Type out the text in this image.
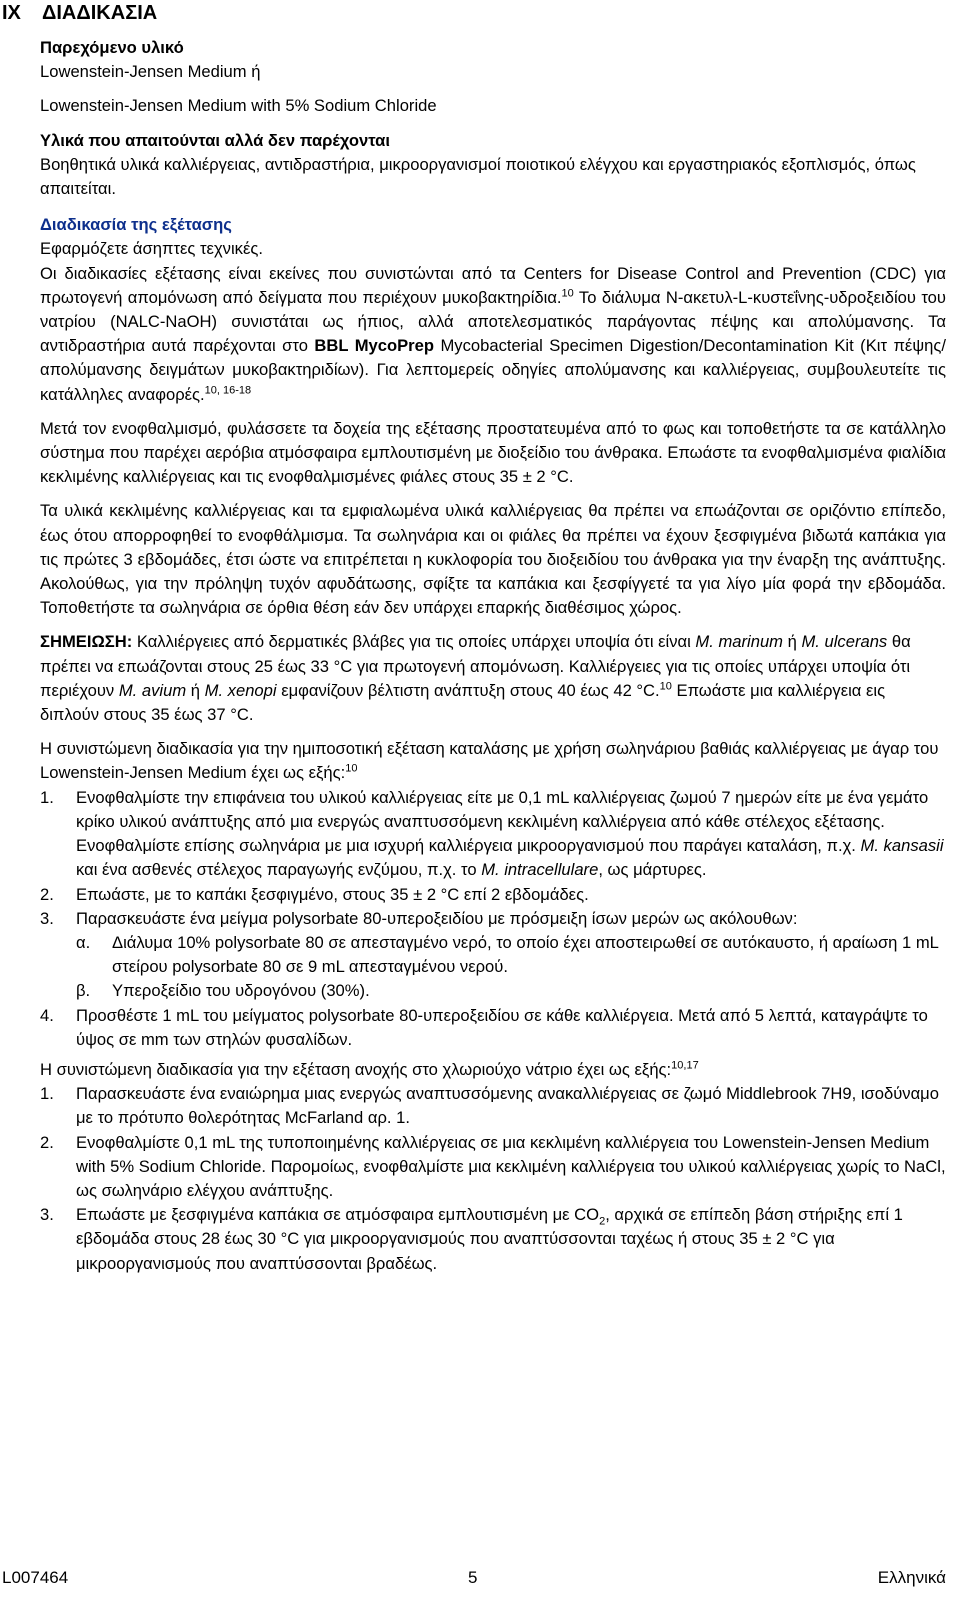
IX ΔΙΑΔΙΚΑΣΙΑ

Παρεχόμενο υλικό

Lowenstein-Jensen Medium ή

Lowenstein-Jensen Medium with 5% Sodium Chloride

Υλικά που απαιτούνται αλλά δεν παρέχονται

Βοηθητικά υλικά καλλιέργειας, αντιδραστήρια, μικροοργανισμοί ποιοτικού ελέγχου και εργαστηριακός εξοπλισμός, όπως απαιτείται.

Διαδικασία της εξέτασης

Εφαρμόζετε άσηπτες τεχνικές.

Οι διαδικασίες εξέτασης είναι εκείνες που συνιστώνται από τα Centers for Disease Control and Prevention (CDC) για πρωτογενή απομόνωση από δείγματα που περιέχουν μυκοβακτηρίδια.$^{10}$ Το διάλυμα N-ακετυλ-L-κυστεΐνης-υδροξειδίου του νατρίου (NALC-NaOH) συνιστάται ως ήπιος, αλλά αποτελεσματικός παράγοντας πέψης και απολύμανσης. Τα αντιδραστήρια αυτά παρέχονται στο BBL MycoPrep Mycobacterial Specimen Digestion/Decontamination Kit (Κιτ πέψης/απολύμανσης δειγμάτων μυκοβακτηριδίων). Για λεπτομερείς οδηγίες απολύμανσης και καλλιέργειας, συμβουλευτείτε τις κατάλληλες αναφορές.$^{10, 16-18}$

Μετά τον ενοφθαλμισμό, φυλάσσετε τα δοχεία της εξέτασης προστατευμένα από το φως και τοποθετήστε τα σε κατάλληλο σύστημα που παρέχει αερόβια ατμόσφαιρα εμπλουτισμένη με διοξείδιο του άνθρακα. Επωάστε τα ενοφθαλμισμένα φιαλίδια κεκλιμένης καλλιέργειας και τις ενοφθαλμισμένες φιάλες στους 35 ± 2 °C.

Τα υλικά κεκλιμένης καλλιέργειας και τα εμφιαλωμένα υλικά καλλιέργειας θα πρέπει να επωάζονται σε οριζόντιο επίπεδο, έως ότου απορροφηθεί το ενοφθάλμισμα. Τα σωληνάρια και οι φιάλες θα πρέπει να έχουν ξεσφιγμένα βιδωτά καπάκια για τις πρώτες 3 εβδομάδες, έτσι ώστε να επιτρέπεται η κυκλοφορία του διοξειδίου του άνθρακα για την έναρξη της ανάπτυξης. Ακολούθως, για την πρόληψη τυχόν αφυδάτωσης, σφίξτε τα καπάκια και ξεσφίγγετέ τα για λίγο μία φορά την εβδομάδα. Τοποθετήστε τα σωληνάρια σε όρθια θέση εάν δεν υπάρχει επαρκής διαθέσιμος χώρος.

ΣΗΜΕΙΩΣΗ: Καλλιέργειες από δερματικές βλάβες για τις οποίες υπάρχει υποψία ότι είναι M. marinum ή M. ulcerans θα πρέπει να επωάζονται στους 25 έως 33 °C για πρωτογενή απομόνωση. Καλλιέργειες για τις οποίες υπάρχει υποψία ότι περιέχουν M. avium ή M. xenopi εμφανίζουν βέλτιστη ανάπτυξη στους 40 έως 42 °C.$^{10}$ Επωάστε μια καλλιέργεια εις διπλούν στους 35 έως 37 °C.

Η συνιστώμενη διαδικασία για την ημιποσοτική εξέταση καταλάσης με χρήση σωληνάριου βαθιάς καλλιέργειας με άγαρ του Lowenstein-Jensen Medium έχει ως εξής:$^{10}$

1. Ενοφθαλμίστε την επιφάνεια του υλικού καλλιέργειας είτε με 0,1 mL καλλιέργειας ζωμού 7 ημερών είτε με ένα γεμάτο κρίκο υλικού ανάπτυξης από μια ενεργώς αναπτυσσόμενη κεκλιμένη καλλιέργεια από κάθε στέλεχος εξέτασης. Ενοφθαλμίστε επίσης σωληνάρια με μια ισχυρή καλλιέργεια μικροοργανισμού που παράγει καταλάση, π.χ. M. kansasii και ένα ασθενές στέλεχος παραγωγής ενζύμου, π.χ. το M. intracellulare, ως μάρτυρες.
2. Επωάστε, με το καπάκι ξεσφιγμένο, στους 35 ± 2 °C επί 2 εβδομάδες.
3. Παρασκευάστε ένα μείγμα polysorbate 80-υπεροξειδίου με πρόσμειξη ίσων μερών ως ακόλουθων:
α. Διάλυμα 10% polysorbate 80 σε απεσταγμένο νερό, το οποίο έχει αποστειρωθεί σε αυτόκαυστο, ή αραίωση 1 mL στείρου polysorbate 80 σε 9 mL απεσταγμένου νερού.
β. Υπεροξείδιο του υδρογόνου (30%).
4. Προσθέστε 1 mL του μείγματος polysorbate 80-υπεροξειδίου σε κάθε καλλιέργεια. Μετά από 5 λεπτά, καταγράψτε το ύψος σε mm των στηλών φυσαλίδων.

Η συνιστώμενη διαδικασία για την εξέταση ανοχής στο χλωριούχο νάτριο έχει ως εξής:$^{10,17}$

1. Παρασκευάστε ένα εναιώρημα μιας ενεργώς αναπτυσσόμενης ανακαλλιέργειας σε ζωμό Middlebrook 7H9, ισοδύναμο με το πρότυπο θολερότητας McFarland αρ. 1.
2. Ενοφθαλμίστε 0,1 mL της τυποποιημένης καλλιέργειας σε μια κεκλιμένη καλλιέργεια του Lowenstein-Jensen Medium with 5% Sodium Chloride. Παρομοίως, ενοφθαλμίστε μια κεκλιμένη καλλιέργεια του υλικού καλλιέργειας χωρίς το NaCl, ως σωληνάριο ελέγχου ανάπτυξης.
3. Επωάστε με ξεσφιγμένα καπάκια σε ατμόσφαιρα εμπλουτισμένη με $CO_2$, αρχικά σε επίπεδη βάση στήριξης επί 1 εβδομάδα στους 28 έως 30 °C για μικροοργανισμούς που αναπτύσσονται ταχέως ή στους 35 ± 2 °C για μικροοργανισμούς που αναπτύσσονται βραδέως.
L007464	5	Ελληνικά
